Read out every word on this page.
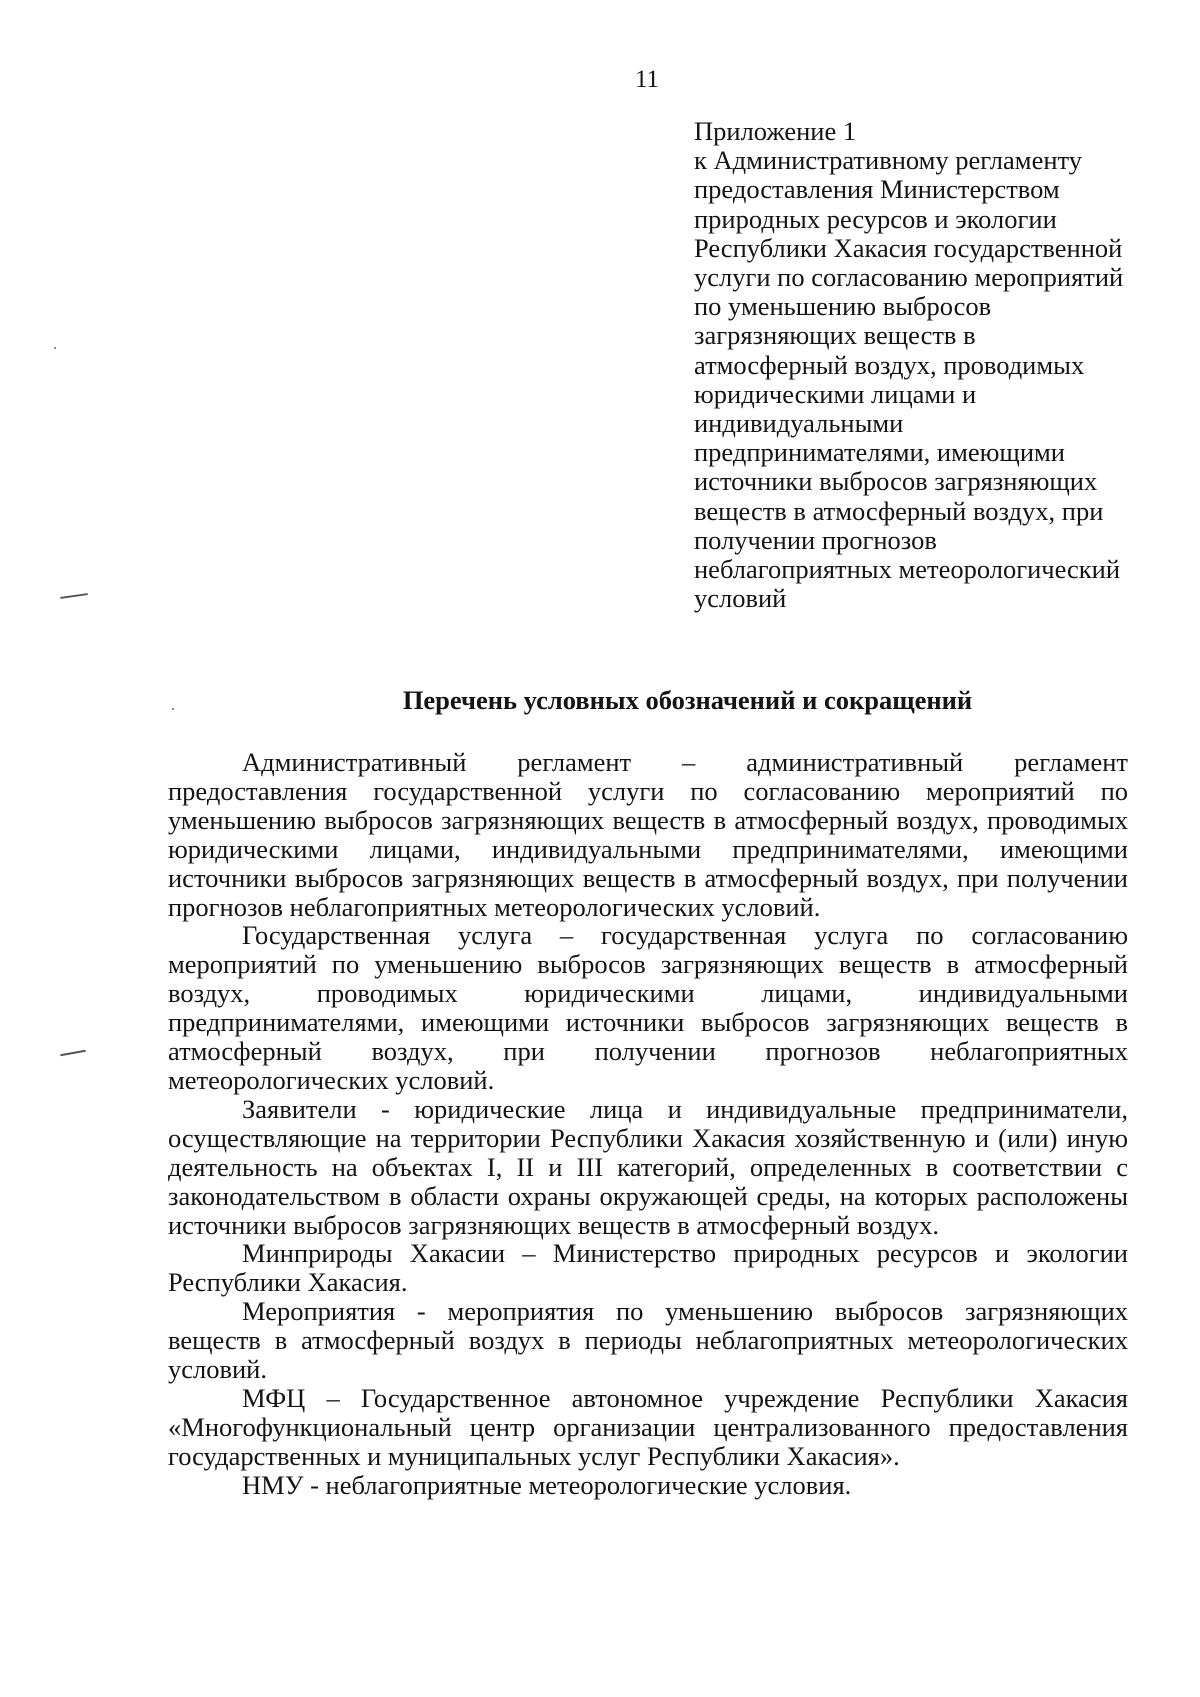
11
Приложение 1
к Административному регламенту
предоставления Министерством
природных ресурсов и экологии
Республики Хакасия государственной
услуги по согласованию мероприятий
по уменьшению выбросов
загрязняющих веществ в
атмосферный воздух, проводимых
юридическими лицами и
индивидуальными
предпринимателями, имеющими
источники выбросов загрязняющих
веществ в атмосферный воздух, при
получении прогнозов
неблагоприятных метеорологический
условий
Перечень условных обозначений и сокращений

Административный регламент – административный регламент предоставления государственной услуги по согласованию мероприятий по уменьшению выбросов загрязняющих веществ в атмосферный воздух, проводимых юридическими лицами, индивидуальными предпринимателями, имеющими источники выбросов загрязняющих веществ в атмосферный воздух, при получении прогнозов неблагоприятных метеорологических условий.

Государственная услуга – государственная услуга по согласованию мероприятий по уменьшению выбросов загрязняющих веществ в атмосферный воздух, проводимых юридическими лицами, индивидуальными предпринимателями, имеющими источники выбросов загрязняющих веществ в атмосферный воздух, при получении прогнозов неблагоприятных метеорологических условий.

Заявители - юридические лица и индивидуальные предприниматели, осуществляющие на территории Республики Хакасия хозяйственную и (или) иную деятельность на объектах I, II и III категорий, определенных в соответствии с законодательством в области охраны окружающей среды, на которых расположены источники выбросов загрязняющих веществ в атмосферный воздух.

Минприроды Хакасии – Министерство природных ресурсов и экологии Республики Хакасия.

Мероприятия - мероприятия по уменьшению выбросов загрязняющих веществ в атмосферный воздух в периоды неблагоприятных метеорологических условий.

МФЦ – Государственное автономное учреждение Республики Хакасия «Многофункциональный центр организации централизованного предоставления государственных и муниципальных услуг Республики Хакасия».

НМУ - неблагоприятные метеорологические условия.
